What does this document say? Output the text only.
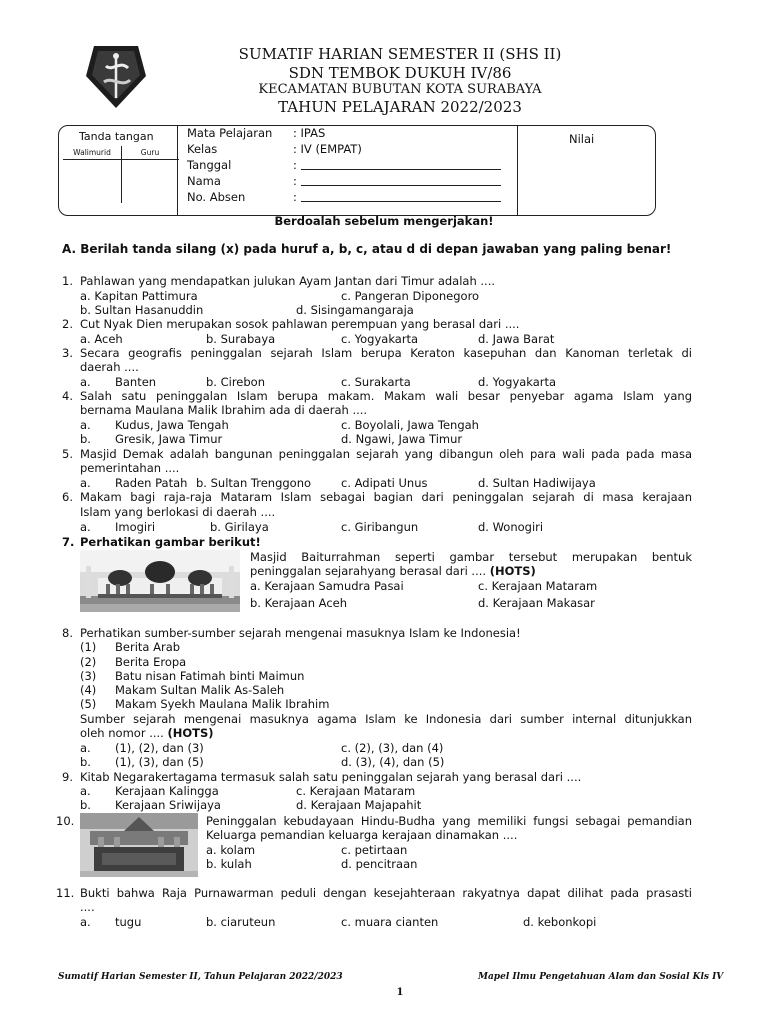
SUMATIF HARIAN SEMESTER II (SHS II)
SDN TEMBOK DUKUH IV/86
KECAMATAN BUBUTAN KOTA SURABAYA
TAHUN PELAJARAN 2022/2023
Tanda tangan
Walimurid	Guru
Mata Pelajaran : IPAS
Kelas	: IV (EMPAT)
Tanggal	:
Nama	:
No. Absen	:
Nilai
Berdoalah sebelum mengerjakan!
A. Berilah tanda silang (x) pada huruf a, b, c, atau d di depan jawaban yang paling benar!
1. Pahlawan yang mendapatkan julukan Ayam Jantan dari Timur adalah ....
a. Kapitan Pattimura	c. Pangeran Diponegoro
b. Sultan Hasanuddin	d. Sisingamangaraja
2. Cut Nyak Dien merupakan sosok pahlawan perempuan yang berasal dari ....
a. Aceh	b. Surabaya	c. Yogyakarta	d. Jawa Barat
3. Secara geografis peninggalan sejarah Islam berupa Keraton kasepuhan dan Kanoman terletak di
daerah ....
a. Banten	b. Cirebon	c. Surakarta	d. Yogyakarta
4. Salah satu peninggalan Islam berupa makam. Makam wali besar penyebar agama Islam yang
bernama Maulana Malik Ibrahim ada di daerah ....
a. Kudus, Jawa Tengah	c. Boyolali, Jawa Tengah
b. Gresik, Jawa Timur	d. Ngawi, Jawa Timur
5. Masjid Demak adalah bangunan peninggalan sejarah yang dibangun oleh para wali pada pada masa
pemerintahan ....
a. Raden Patah b. Sultan Trenggono	c. Adipati Unus	d. Sultan Hadiwijaya
6. Makam bagi raja-raja Mataram Islam sebagai bagian dari peninggalan sejarah di masa kerajaan
Islam yang berlokasi di daerah ....
a. Imogiri	b. Girilaya	c. Giribangun	d. Wonogiri
7. Perhatikan gambar berikut!
Masjid Baiturrahman seperti gambar tersebut merupakan bentuk
peninggalan sejarahyang berasal dari .... (HOTS)
a. Kerajaan Samudra Pasai	c. Kerajaan Mataram
b. Kerajaan Aceh	d. Kerajaan Makasar
8. Perhatikan sumber-sumber sejarah mengenai masuknya Islam ke Indonesia!
(1) Berita Arab
(2) Berita Eropa
(3) Batu nisan Fatimah binti Maimun
(4) Makam Sultan Malik As-Saleh
(5) Makam Syekh Maulana Malik Ibrahim
Sumber sejarah mengenai masuknya agama Islam ke Indonesia dari sumber internal ditunjukkan
oleh nomor .... (HOTS)
a. (1), (2), dan (3)	c. (2), (3), dan (4)
b. (1), (3), dan (5)	d. (3), (4), dan (5)
9. Kitab Negarakertagama termasuk salah satu peninggalan sejarah yang berasal dari ....
a. Kerajaan Kalingga	c. Kerajaan Mataram
b. Kerajaan Sriwijaya	d. Kerajaan Majapahit
10.	Peninggalan kebudayaan Hindu-Budha yang memiliki fungsi sebagai pemandian
Keluarga pemandian keluarga kerajaan dinamakan ....
a. kolam	c. petirtaan
b. kulah	d. pencitraan
11. Bukti bahwa Raja Purnawarman peduli dengan kesejahteraan rakyatnya dapat dilihat pada prasasti
....
a. tugu	b. ciaruteun	c. muara cianten	d. kebonkopi
Sumatif Harian Semester II, Tahun Pelajaran 2022/2023	Mapel Ilmu Pengetahuan Alam dan Sosial Kls IV
1
